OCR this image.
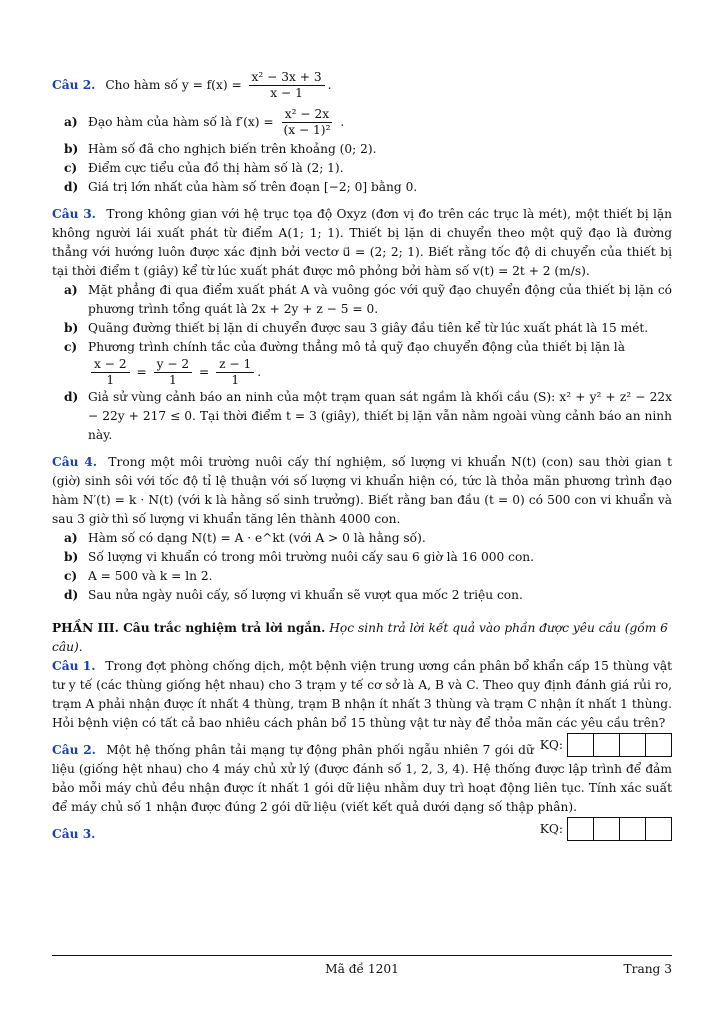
Câu 2. Cho hàm số $y = f(x) = \frac{\text{x² − 3x + 3}}{x - 1}$ .
a) Đạo hàm của hàm số là $f'(x) = \frac{\text{x² − 2x}}{\text{(x − 1)²}}$ .
b) Hàm số đã cho nghịch biến trên khoảng (0; 2).
c) Điểm cực tiểu của đồ thị hàm số là (2; 1).
d) Giá trị lớn nhất của hàm số trên đoạn [−2; 0] bằng 0.
Câu 3. Trong không gian với hệ trục tọa độ Oxyz (đơn vị đo trên các trục là mét), một thiết bị lặn không người lái xuất phát từ điểm A(1; 1; 1). Thiết bị lặn di chuyển theo một quỹ đạo là đường thẳng với hướng luôn được xác định bởi vectơ u⃗ = (2; 2; 1). Biết rằng tốc độ di chuyển của thiết bị tại thời điểm t (giây) kể từ lúc xuất phát được mô phỏng bởi hàm số v(t) = 2t + 2 (m/s).
a) Mặt phẳng đi qua điểm xuất phát A và vuông góc với quỹ đạo chuyển động của thiết bị lặn có phương trình tổng quát là 2x + 2y + z − 5 = 0.
b) Quãng đường thiết bị lặn di chuyển được sau 3 giây đầu tiên kể từ lúc xuất phát là 15 mét.
c) Phương trình chính tắc của đường thẳng mô tả quỹ đạo chuyển động của thiết bị lặn là

$\frac{x - 2}{1} = \frac{y - 2}{1} = \frac{z - 1}{1}$ .
d) Giả sử vùng cảnh báo an ninh của một trạm quan sát ngầm là khối cầu (S): x² + y² + z² − 22x − 22y + 217 ≤ 0. Tại thời điểm t = 3 (giây), thiết bị lặn vẫn nằm ngoài vùng cảnh báo an ninh này.
Câu 4. Trong một môi trường nuôi cấy thí nghiệm, số lượng vi khuẩn N(t) (con) sau thời gian t (giờ) sinh sôi với tốc độ tỉ lệ thuận với số lượng vi khuẩn hiện có, tức là thỏa mãn phương trình đạo hàm N′(t) = k · N(t) (với k là hằng số sinh trưởng). Biết rằng ban đầu (t = 0) có 500 con vi khuẩn và sau 3 giờ thì số lượng vi khuẩn tăng lên thành 4000 con.
a) Hàm số có dạng N(t) = A · e^kt (với A > 0 là hằng số).
b) Số lượng vi khuẩn có trong môi trường nuôi cấy sau 6 giờ là 16 000 con.
c) A = 500 và k = ln 2.
d) Sau nửa ngày nuôi cấy, số lượng vi khuẩn sẽ vượt qua mốc 2 triệu con.
PHẦN III. Câu trắc nghiệm trả lời ngắn. Học sinh trả lời kết quả vào phần được yêu cầu (gồm 6 câu).
Câu 1. Trong đợt phòng chống dịch, một bệnh viện trung ương cần phân bổ khẩn cấp 15 thùng vật tư y tế (các thùng giống hệt nhau) cho 3 trạm y tế cơ sở là A, B và C. Theo quy định đánh giá rủi ro, trạm A phải nhận được ít nhất 4 thùng, trạm B nhận ít nhất 3 thùng và trạm C nhận ít nhất 1 thùng. Hỏi bệnh viện có tất cả bao nhiêu cách phân bổ 15 thùng vật tư này để thỏa mãn các yêu cầu trên?
KQ:
Câu 2. Một hệ thống phân tải mạng tự động phân phối ngẫu nhiên 7 gói dữ liệu (giống hệt nhau) cho 4 máy chủ xử lý (được đánh số 1, 2, 3, 4). Hệ thống được lập trình để đảm bảo mỗi máy chủ đều nhận được ít nhất 1 gói dữ liệu nhằm duy trì hoạt động liên tục. Tính xác suất để máy chủ số 1 nhận được đúng 2 gói dữ liệu (viết kết quả dưới dạng số thập phân).
KQ:
Câu 3.
Mã đề 1201	Trang 3
